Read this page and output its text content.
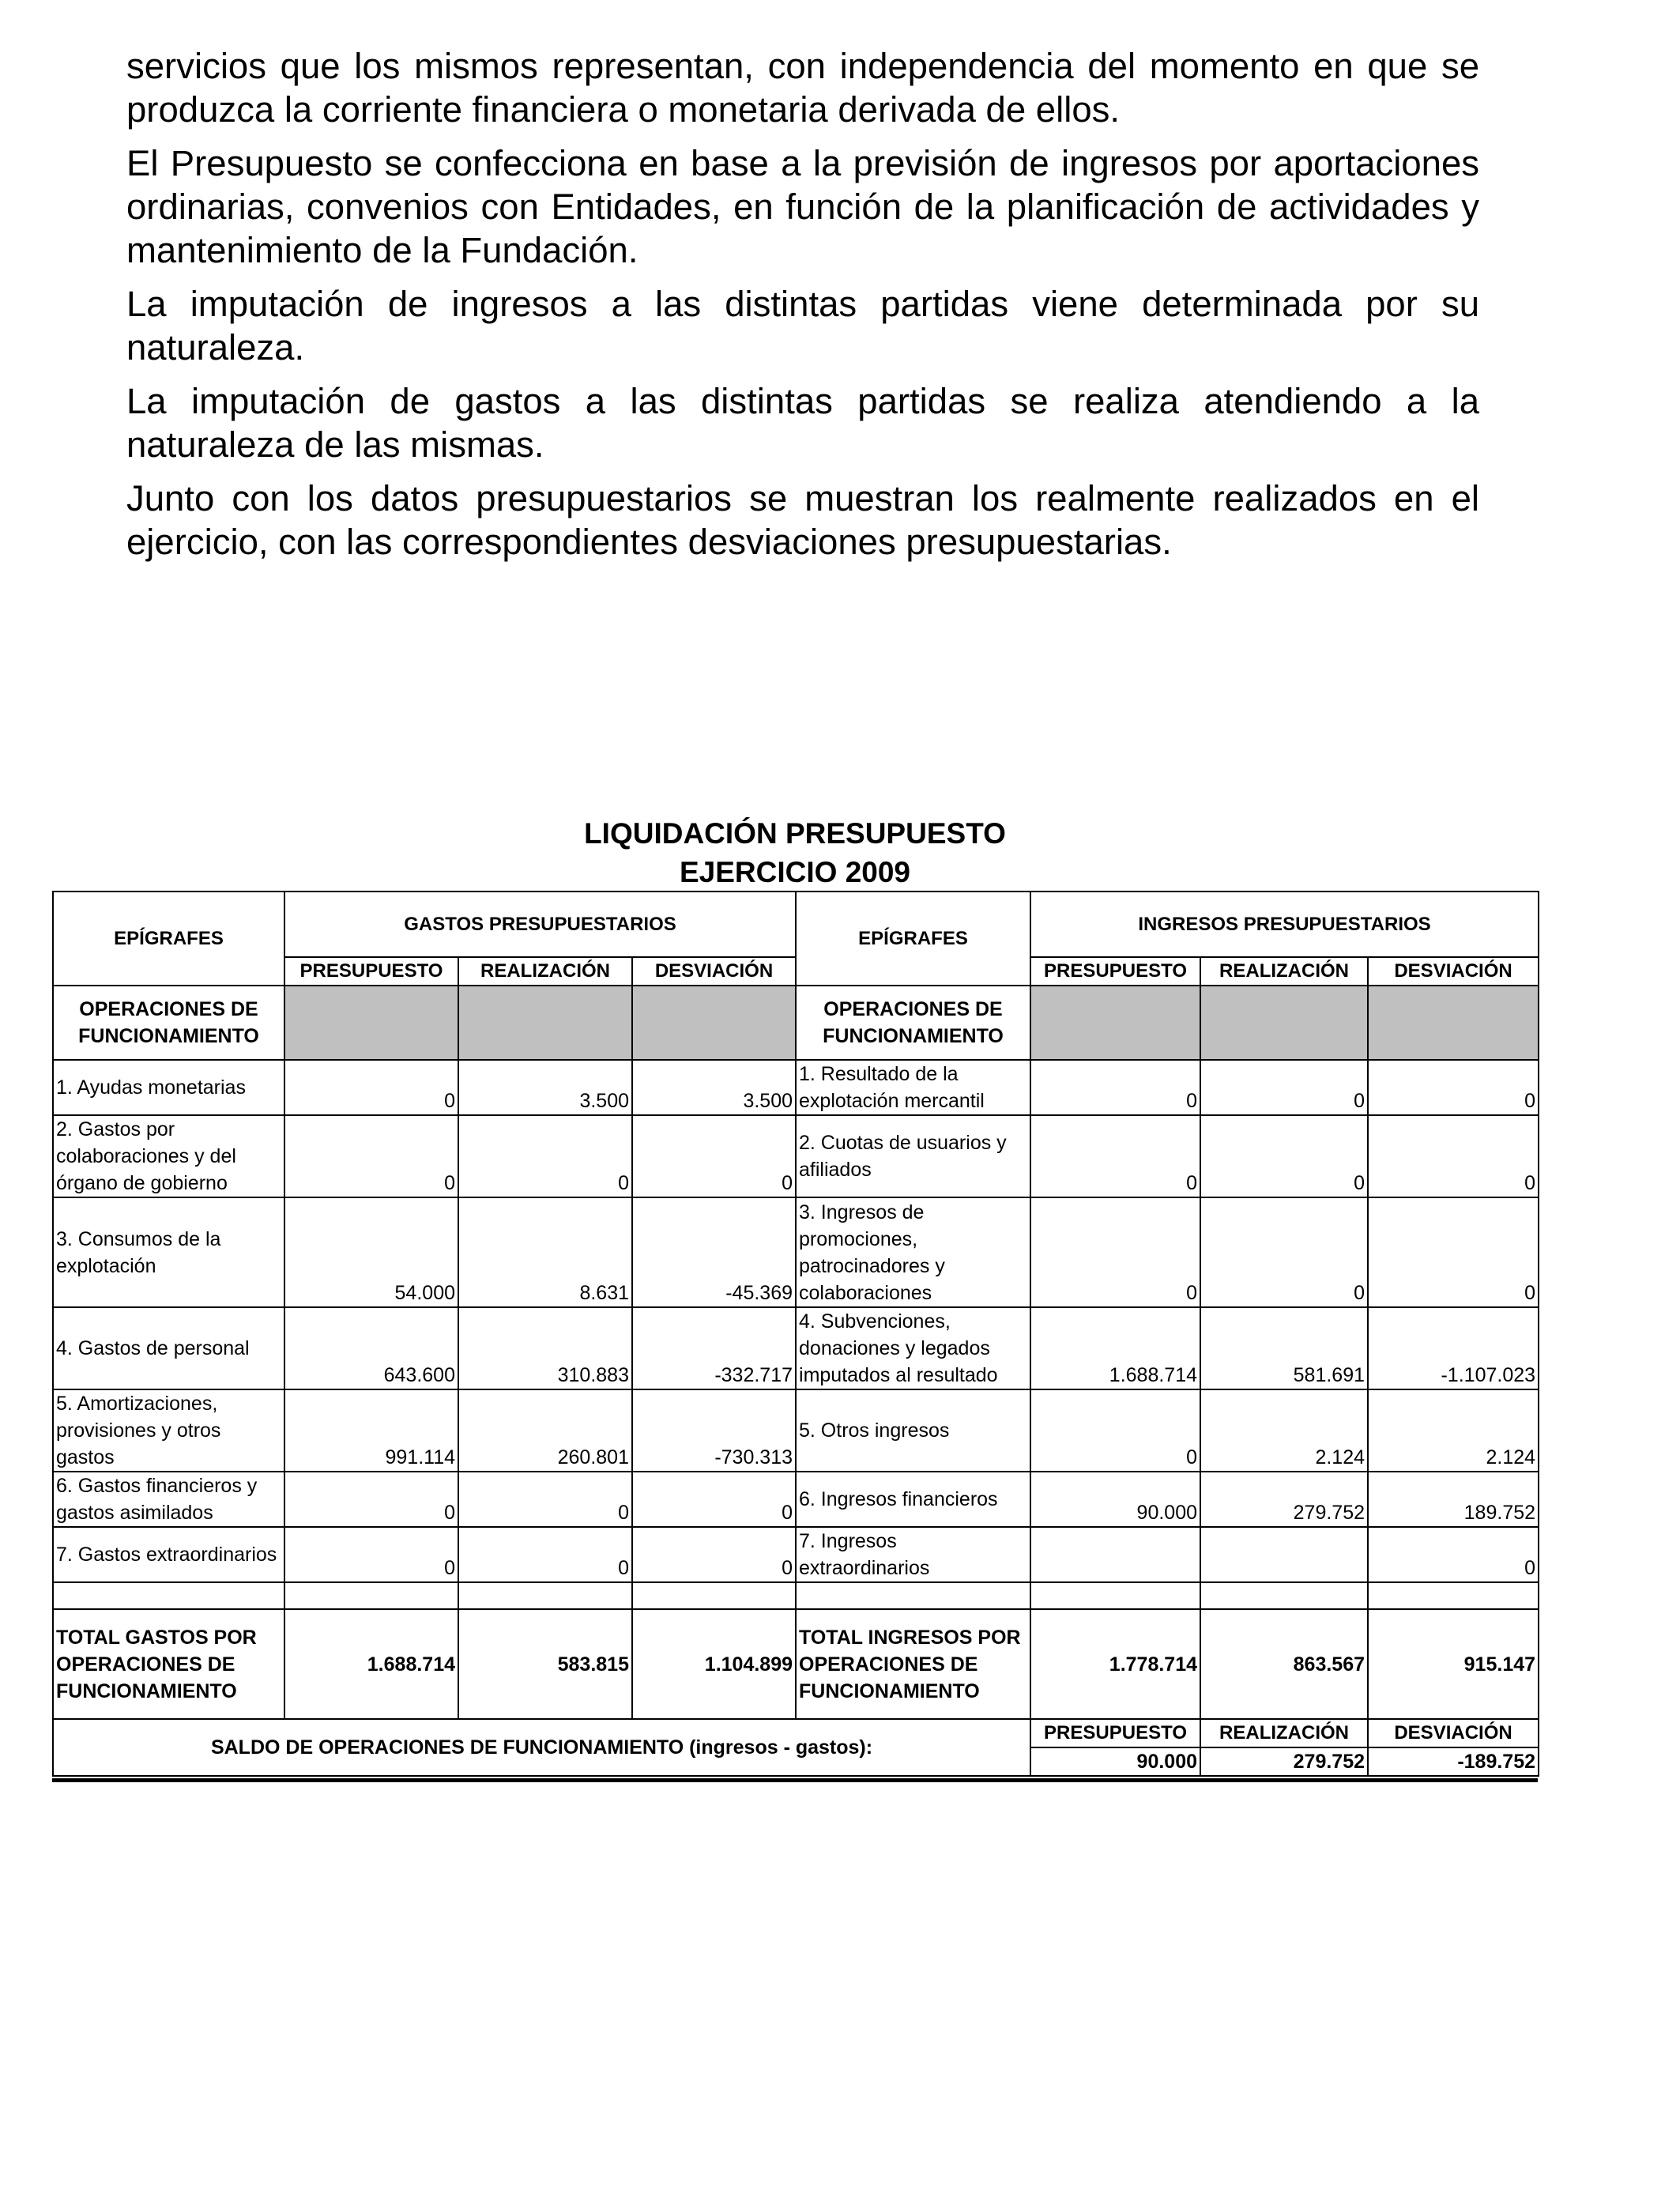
servicios que los mismos representan, con independencia del momento en que se produzca la corriente financiera o monetaria derivada de ellos.

El Presupuesto se confecciona en base a la previsión de ingresos por aportaciones ordinarias, convenios con Entidades, en función de la planificación de actividades y mantenimiento de la Fundación.

La imputación de ingresos a las distintas partidas viene determinada por su naturaleza.

La imputación de gastos a las distintas partidas se realiza atendiendo a la naturaleza de las mismas.

Junto con los datos presupuestarios se muestran los realmente realizados en el ejercicio, con las correspondientes desviaciones presupuestarias.

LIQUIDACIÓN PRESUPUESTO
EJERCICIO 2009
EPÍGRAFES	GASTOS PRESUPUESTARIOS			EPÍGRAFES	INGRESOS PRESUPUESTARIOS		
	PRESUPUESTO	REALIZACIÓN	DESVIACIÓN		PRESUPUESTO	REALIZACIÓN	DESVIACIÓN
OPERACIONES DE FUNCIONAMIENTO				OPERACIONES DE FUNCIONAMIENTO			
1. Ayudas monetarias	0	3.500	3.500	1. Resultado de la explotación mercantil	0	0	0
2. Gastos por colaboraciones y del órgano de gobierno	0	0	0	2. Cuotas de usuarios y afiliados	0	0	0
3. Consumos de la explotación	54.000	8.631	-45.369	3. Ingresos de promociones, patrocinadores y colaboraciones	0	0	0
4. Gastos de personal	643.600	310.883	-332.717	4. Subvenciones, donaciones y legados imputados al resultado	1.688.714	581.691	-1.107.023
5. Amortizaciones, provisiones y otros gastos	991.114	260.801	-730.313	5. Otros ingresos	0	2.124	2.124
6. Gastos financieros y gastos asimilados	0	0	0	6. Ingresos financieros	90.000	279.752	189.752
7. Gastos extraordinarios	0	0	0	7. Ingresos extraordinarios			0

TOTAL GASTOS POR OPERACIONES DE FUNCIONAMIENTO	1.688.714	583.815	1.104.899	TOTAL INGRESOS POR OPERACIONES DE FUNCIONAMIENTO	1.778.714	863.567	915.147
SALDO DE OPERACIONES DE FUNCIONAMIENTO (ingresos - gastos):					PRESUPUESTO	REALIZACIÓN	DESVIACIÓN
					90.000	279.752	-189.752
